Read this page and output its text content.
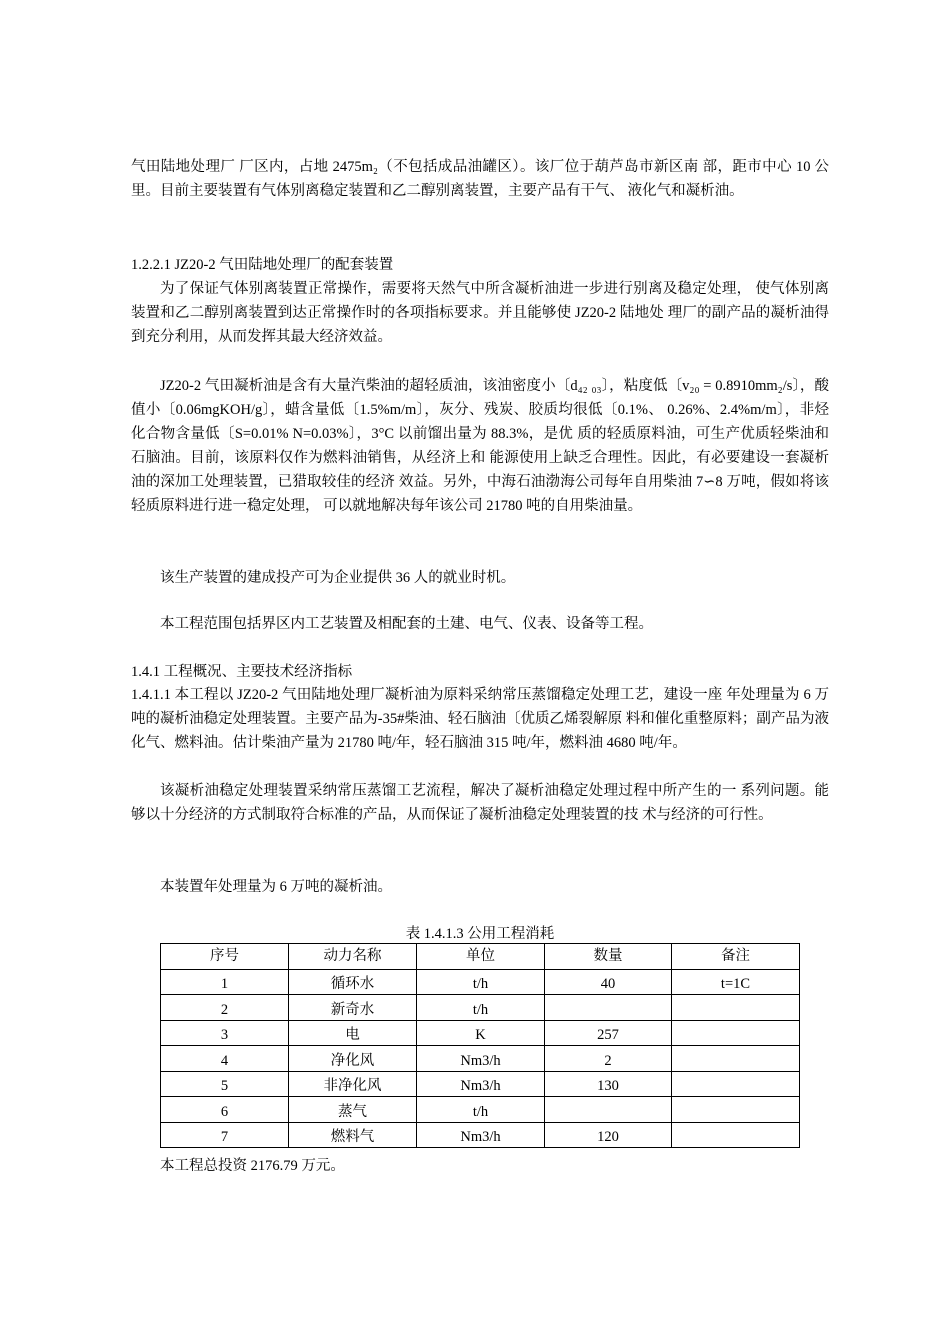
气田陆地处理厂 厂区内，占地 2475m₂（不包括成品油罐区）。该厂位于葫芦岛市新区南 部，距市中心 10 公里。目前主要装置有气体别离稳定装置和乙二醇别离装置，主要产品有干气、 液化气和凝析油。

1.2.2.1 JZ20-2 气田陆地处理厂的配套装置

为了保证气体别离装置正常操作，需要将天然气中所含凝析油进一步进行别离及稳定处理， 使气体别离装置和乙二醇别离装置到达正常操作时的各项指标要求。并且能够使 JZ20-2 陆地处 理厂的副产品的凝析油得到充分利用，从而发挥其最大经济效益。

JZ20-2 气田凝析油是含有大量汽柴油的超轻质油，该油密度小〔d₄₂ ₀₃〕，粘度低〔v₂₀ = 0.8910mm₂/s〕，酸值小〔0.06mgKOH/g〕，蜡含量低〔1.5%m/m〕，灰分、残炭、胶质均很低〔0.1%、 0.26%、2.4%m/m〕，非烃化合物含量低〔S=0.01% N=0.03%〕，3°C 以前馏出量为 88.3%，是优 质的轻质原料油，可生产优质轻柴油和石脑油。目前，该原料仅作为燃料油销售，从经济上和 能源使用上缺乏合理性。因此，有必要建设一套凝析油的深加工处理装置，已猎取较佳的经济 效益。另外，中海石油渤海公司每年自用柴油 7∽8 万吨，假如将该轻质原料进行进一稳定处理， 可以就地解决每年该公司 21780 吨的自用柴油量。

该生产装置的建成投产可为企业提供 36 人的就业时机。

本工程范围包括界区内工艺装置及相配套的土建、电气、仪表、设备等工程。

1.4.1 工程概况、主要技术经济指标

1.4.1.1 本工程以 JZ20-2 气田陆地处理厂凝析油为原料采纳常压蒸馏稳定处理工艺，建设一座 年处理量为 6 万吨的凝析油稳定处理装置。主要产品为-35#柴油、轻石脑油〔优质乙烯裂解原 料和催化重整原料；副产品为液化气、燃料油。估计柴油产量为 21780 吨/年，轻石脑油 315 吨/年，燃料油 4680 吨/年。

该凝析油稳定处理装置采纳常压蒸馏工艺流程，解决了凝析油稳定处理过程中所产生的一 系列问题。能够以十分经济的方式制取符合标准的产品，从而保证了凝析油稳定处理装置的技 术与经济的可行性。

本装置年处理量为 6 万吨的凝析油。

表 1.4.1.3 公用工程消耗
序号	动力名称	单位	数量	备注
1	循环水	t/h	40	t=1C
2	新奇水	t/h		
3	电	K	257	
4	净化风	Nm3/h	2	
5	非净化风	Nm3/h	130	
6	蒸气	t/h		
7	燃料气	Nm3/h	120	
本工程总投资 2176.79 万元。
